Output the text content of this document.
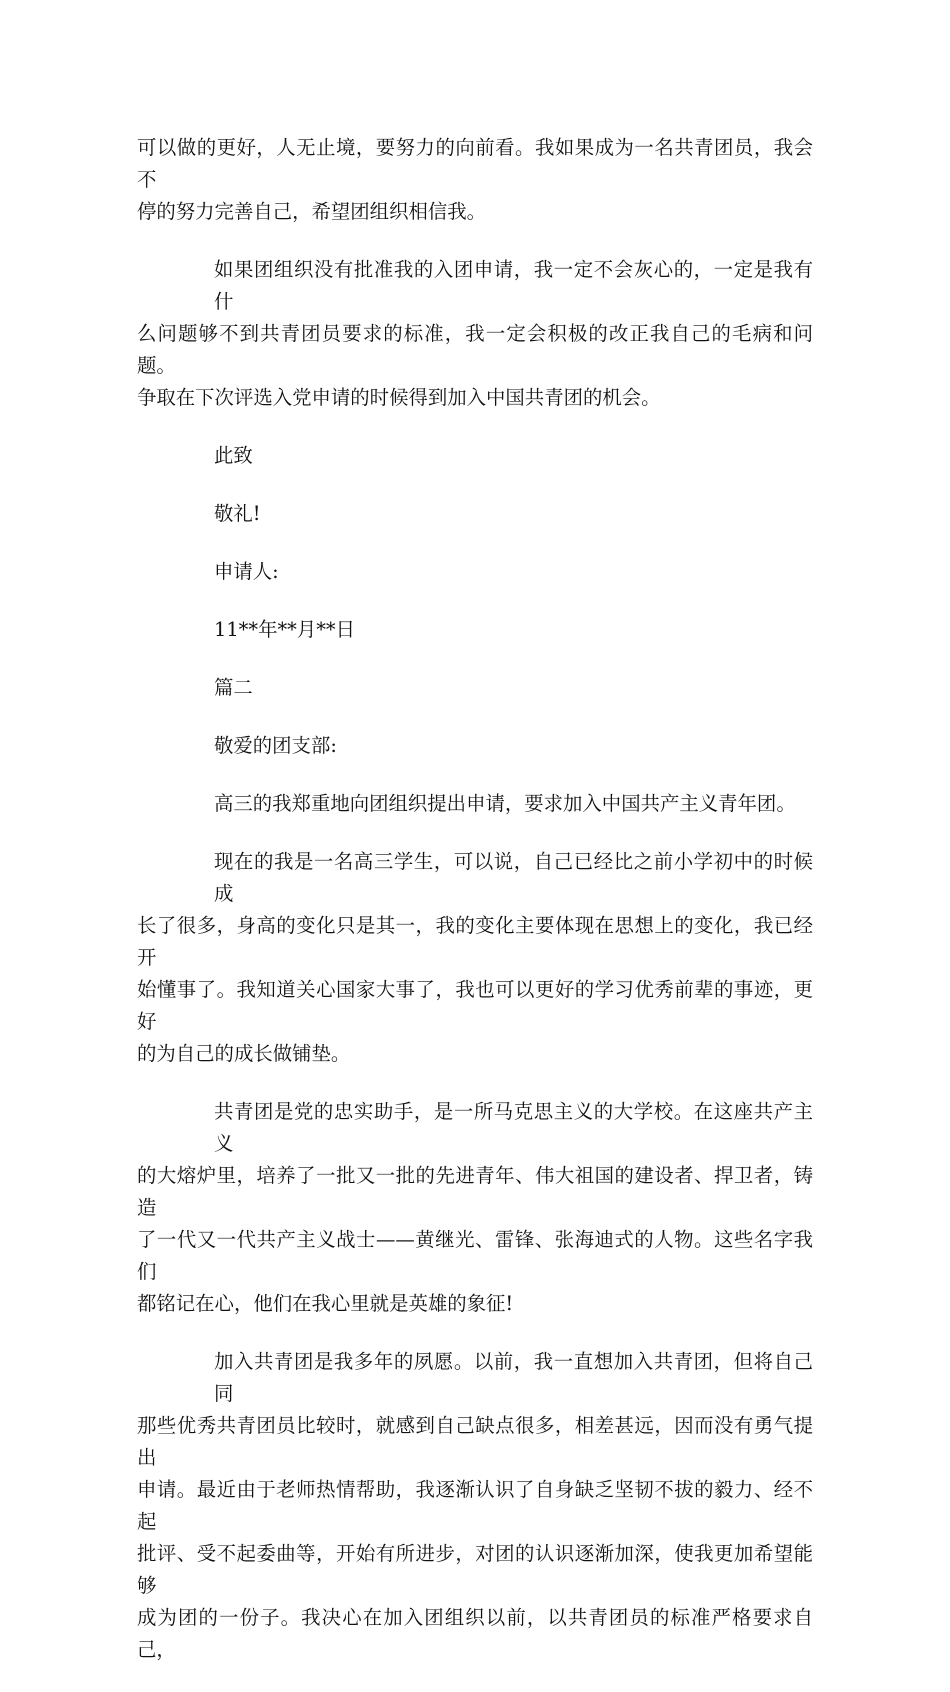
可以做的更好，人无止境，要努力的向前看。我如果成为一名共青团员，我会不
停的努力完善自己，希望团组织相信我。

如果团组织没有批准我的入团申请，我一定不会灰心的，一定是我有什
么问题够不到共青团员要求的标准，我一定会积极的改正我自己的毛病和问题。
争取在下次评选入党申请的时候得到加入中国共青团的机会。

此致

敬礼!

申请人:

11**年**月**日

篇二

敬爱的团支部:

高三的我郑重地向团组织提出申请，要求加入中国共产主义青年团。

现在的我是一名高三学生，可以说，自己已经比之前小学初中的时候成
长了很多，身高的变化只是其一，我的变化主要体现在思想上的变化，我已经开
始懂事了。我知道关心国家大事了，我也可以更好的学习优秀前辈的事迹，更好
的为自己的成长做铺垫。

共青团是党的忠实助手，是一所马克思主义的大学校。在这座共产主义
的大熔炉里，培养了一批又一批的先进青年、伟大祖国的建设者、捍卫者，铸造
了一代又一代共产主义战士——黄继光、雷锋、张海迪式的人物。这些名字我们
都铭记在心，他们在我心里就是英雄的象征!

加入共青团是我多年的夙愿。以前，我一直想加入共青团，但将自己同
那些优秀共青团员比较时，就感到自己缺点很多，相差甚远，因而没有勇气提出
申请。最近由于老师热情帮助，我逐渐认识了自身缺乏坚韧不拔的毅力、经不起
批评、受不起委曲等，开始有所进步，对团的认识逐渐加深，使我更加希望能够
成为团的一份子。我决心在加入团组织以前，以共青团员的标准严格要求自己，
